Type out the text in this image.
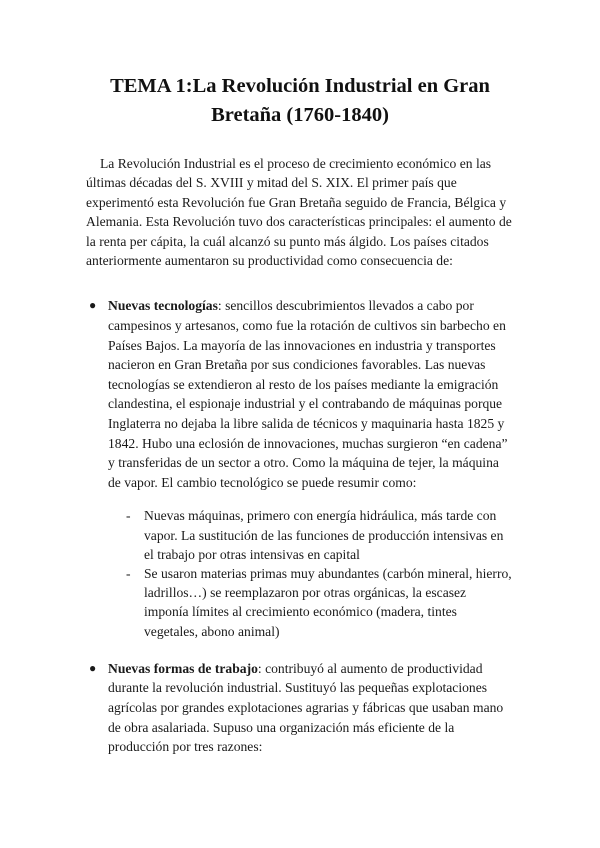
TEMA 1:La Revolución Industrial en Gran Bretaña (1760-1840)

La Revolución Industrial es el proceso de crecimiento económico en las últimas décadas del S. XVIII y mitad del S. XIX. El primer país que experimentó esta Revolución fue Gran Bretaña seguido de Francia, Bélgica y Alemania. Esta Revolución tuvo dos características principales: el aumento de la renta per cápita, la cuál alcanzó su punto más álgido. Los países citados anteriormente aumentaron su productividad como consecuencia de:

● Nuevas tecnologías: sencillos descubrimientos llevados a cabo por campesinos y artesanos, como fue la rotación de cultivos sin barbecho en Países Bajos. La mayoría de las innovaciones en industria y transportes nacieron en Gran Bretaña por sus condiciones favorables. Las nuevas tecnologías se extendieron al resto de los países mediante la emigración clandestina, el espionaje industrial y el contrabando de máquinas porque Inglaterra no dejaba la libre salida de técnicos y maquinaria hasta 1825 y 1842. Hubo una eclosión de innovaciones, muchas surgieron “en cadena” y transferidas de un sector a otro. Como la máquina de tejer, la máquina de vapor. El cambio tecnológico se puede resumir como:
- Nuevas máquinas, primero con energía hidráulica, más tarde con vapor. La sustitución de las funciones de producción intensivas en el trabajo por otras intensivas en capital
- Se usaron materias primas muy abundantes (carbón mineral, hierro, ladrillos…) se reemplazaron por otras orgánicas, la escasez imponía límites al crecimiento económico (madera, tintes vegetales, abono animal)
● Nuevas formas de trabajo: contribuyó al aumento de productividad durante la revolución industrial. Sustituyó las pequeñas explotaciones agrícolas por grandes explotaciones agrarias y fábricas que usaban mano de obra asalariada. Supuso una organización más eficiente de la producción por tres razones:
